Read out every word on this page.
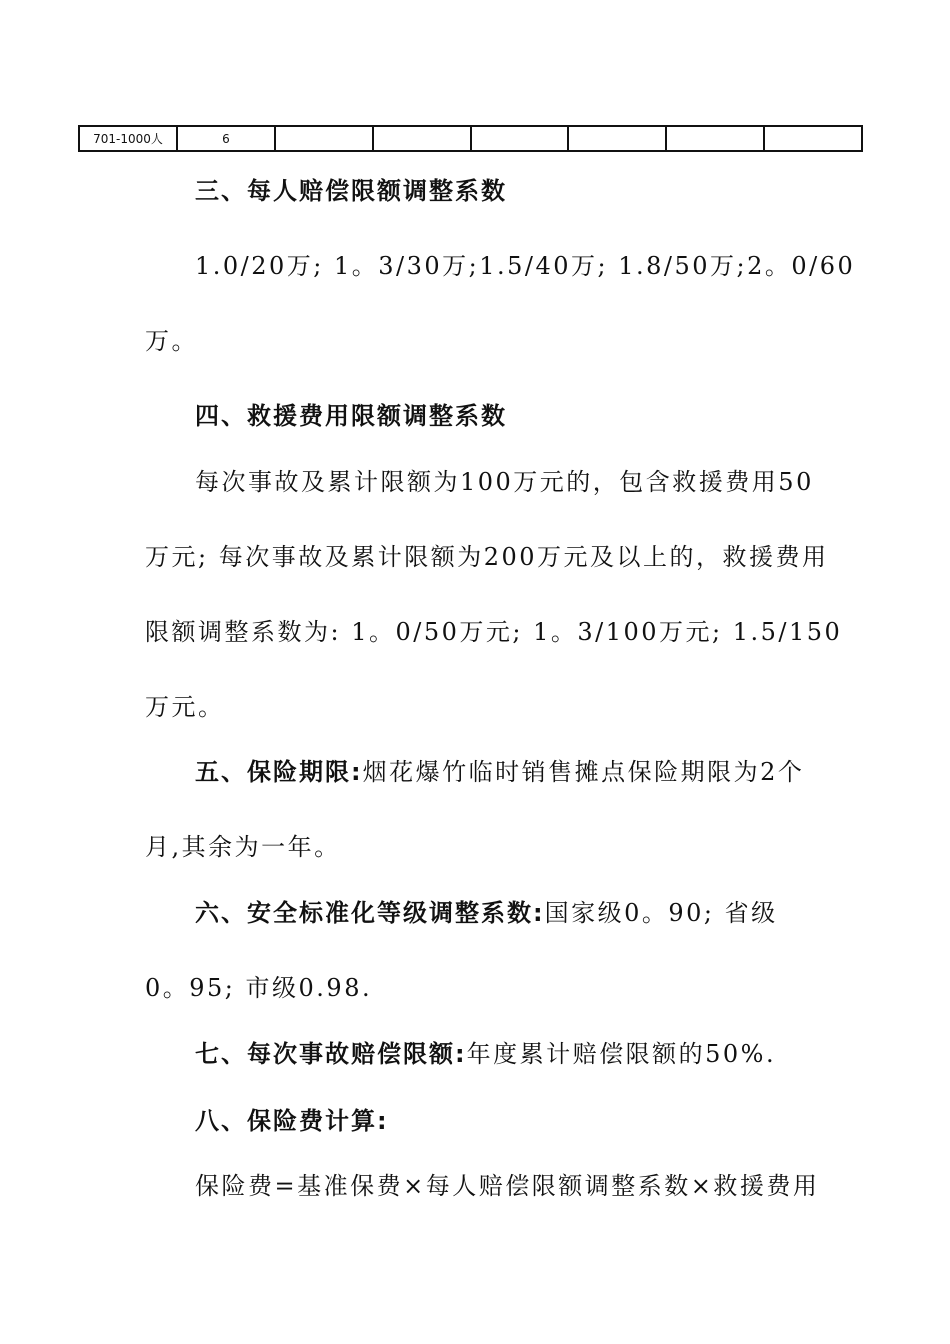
701-1000人	6						
三、每人赔偿限额调整系数
1.0/20万; 1。3/30万;1.5/40万; 1.8/50万;2。0/60
万。
四、救援费用限额调整系数
每次事故及累计限额为100万元的，包含救援费用50
万元; 每次事故及累计限额为200万元及以上的，救援费用
限额调整系数为: 1。0/50万元; 1。3/100万元; 1.5/150
万元。
五、保险期限:烟花爆竹临时销售摊点保险期限为2个
月,其余为一年。
六、安全标准化等级调整系数:国家级0。90; 省级
0。95; 市级0.98.
七、每次事故赔偿限额:年度累计赔偿限额的50%.
八、保险费计算:
保险费=基准保费×每人赔偿限额调整系数×救援费用
